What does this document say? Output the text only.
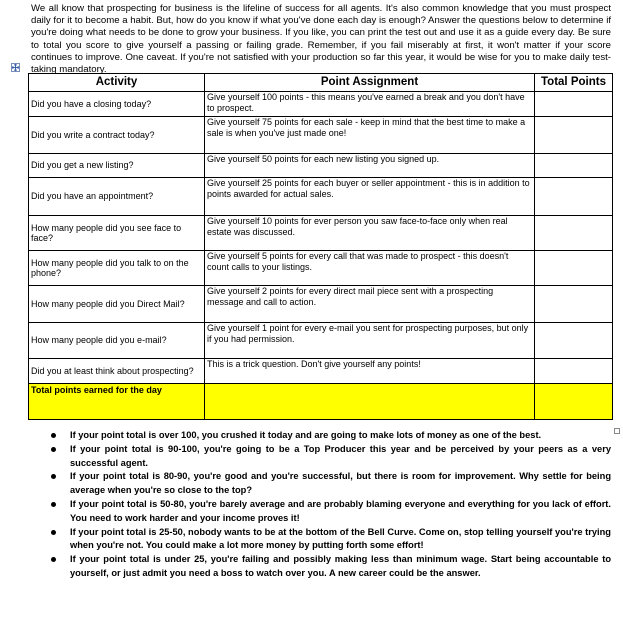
We all know that prospecting for business is the lifeline of success for all agents. It's also common knowledge that you must prospect daily for it to become a habit. But, how do you know if what you've done each day is enough? Answer the questions below to determine if you're doing what needs to be done to grow your business. If you like, you can print the test out and use it as a guide every day. Be sure to total you score to give yourself a passing or failing grade. Remember, if you fail miserably at first, it won't matter if your score continues to improve. One caveat. If you're not satisfied with your production so far this year, it would be wise for you to make daily test-taking mandatory.
Activity	Point Assignment	Total Points
Did you have a closing today?	Give yourself 100 points - this means you've earned a break and you don't have to prospect.	
Did you write a contract today?	Give yourself 75 points for each sale - keep in mind that the best time to make a sale is when you've just made one!	
Did you get a new listing?	Give yourself 50 points for each new listing you signed up.	
Did you have an appointment?	Give yourself 25 points for each buyer or seller appointment - this is in addition to points awarded for actual sales.	
How many people did you see face to face?	Give yourself 10 points for ever person you saw face-to-face only when real estate was discussed.	
How many people did you talk to on the phone?	Give yourself 5 points for every call that was made to prospect - this doesn't count calls to your listings.	
How many people did you Direct Mail?	Give yourself 2 points for every direct mail piece sent with a prospecting message and call to action.	
How many people did you e-mail?	Give yourself 1 point for every e-mail you sent for prospecting purposes, but only if you had permission.	
Did you at least think about prospecting?	This is a trick question. Don't give yourself any points!	
Total points earned for the day		
If your point total is over 100, you crushed it today and are going to make lots of money as one of the best.
If your point total is 90-100, you're going to be a Top Producer this year and be perceived by your peers as a very successful agent.
If your point total is 80-90, you're good and you're successful, but there is room for improvement. Why settle for being average when you're so close to the top?
If your point total is 50-80, you're barely average and are probably blaming everyone and everything for you lack of effort. You need to work harder and your income proves it!
If your point total is 25-50, nobody wants to be at the bottom of the Bell Curve. Come on, stop telling yourself you're trying when you're not. You could make a lot more money by putting forth some effort!
If your point total is under 25, you're failing and possibly making less than minimum wage. Start being accountable to yourself, or just admit you need a boss to watch over you. A new career could be the answer.
